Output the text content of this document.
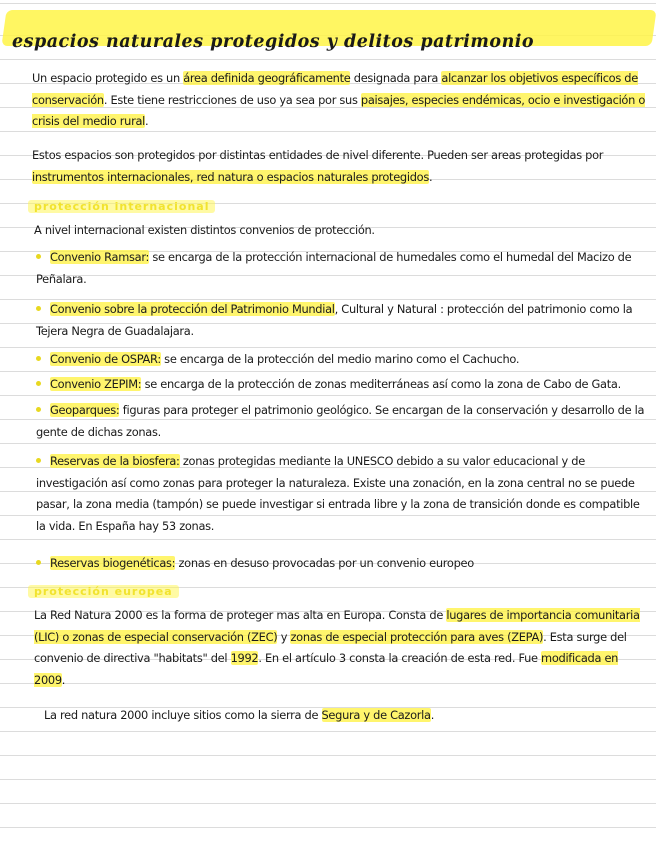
espacios naturales protegidos y delitos patrimonio
Un espacio protegido es un área definida geográficamente designada para alcanzar los objetivos específicos de conservación. Este tiene restricciones de uso ya sea por sus paisajes, especies endémicas, ocio e investigación o crisis del medio rural.
Estos espacios son protegidos por distintas entidades de nivel diferente. Pueden ser areas protegidas por instrumentos internacionales, red natura o espacios naturales protegidos.
protección internacional
A nivel internacional existen distintos convenios de protección.
Convenio Ramsar: se encarga de la protección internacional de humedales como el humedal del Macizo de Peñalara.
Convenio sobre la protección del Patrimonio Mundial, Cultural y Natural : protección del patrimonio como la Tejera Negra de Guadalajara.
Convenio de OSPAR: se encarga de la protección del medio marino como el Cachucho.
Convenio ZEPIM: se encarga de la protección de zonas mediterráneas así como la zona de Cabo de Gata.
Geoparques: figuras para proteger el patrimonio geológico. Se encargan de la conservación y desarrollo de la gente de dichas zonas.
Reservas de la biosfera: zonas protegidas mediante la UNESCO debido a su valor educacional y de investigación así como zonas para proteger la naturaleza. Existe una zonación, en la zona central no se puede pasar, la zona media (tampón) se puede investigar si entrada libre y la zona de transición donde es compatible la vida. En España hay 53 zonas.
Reservas biogenéticas: zonas en desuso provocadas por un convenio europeo
protección europea
La Red Natura 2000 es la forma de proteger mas alta en Europa. Consta de lugares de importancia comunitaria (LIC) o zonas de especial conservación (ZEC) y zonas de especial protección para aves (ZEPA). Esta surge del convenio de directiva "habitats" del 1992. En el artículo 3 consta la creación de esta red. Fue modificada en 2009.
La red natura 2000 incluye sitios como la sierra de Segura y de Cazorla.
